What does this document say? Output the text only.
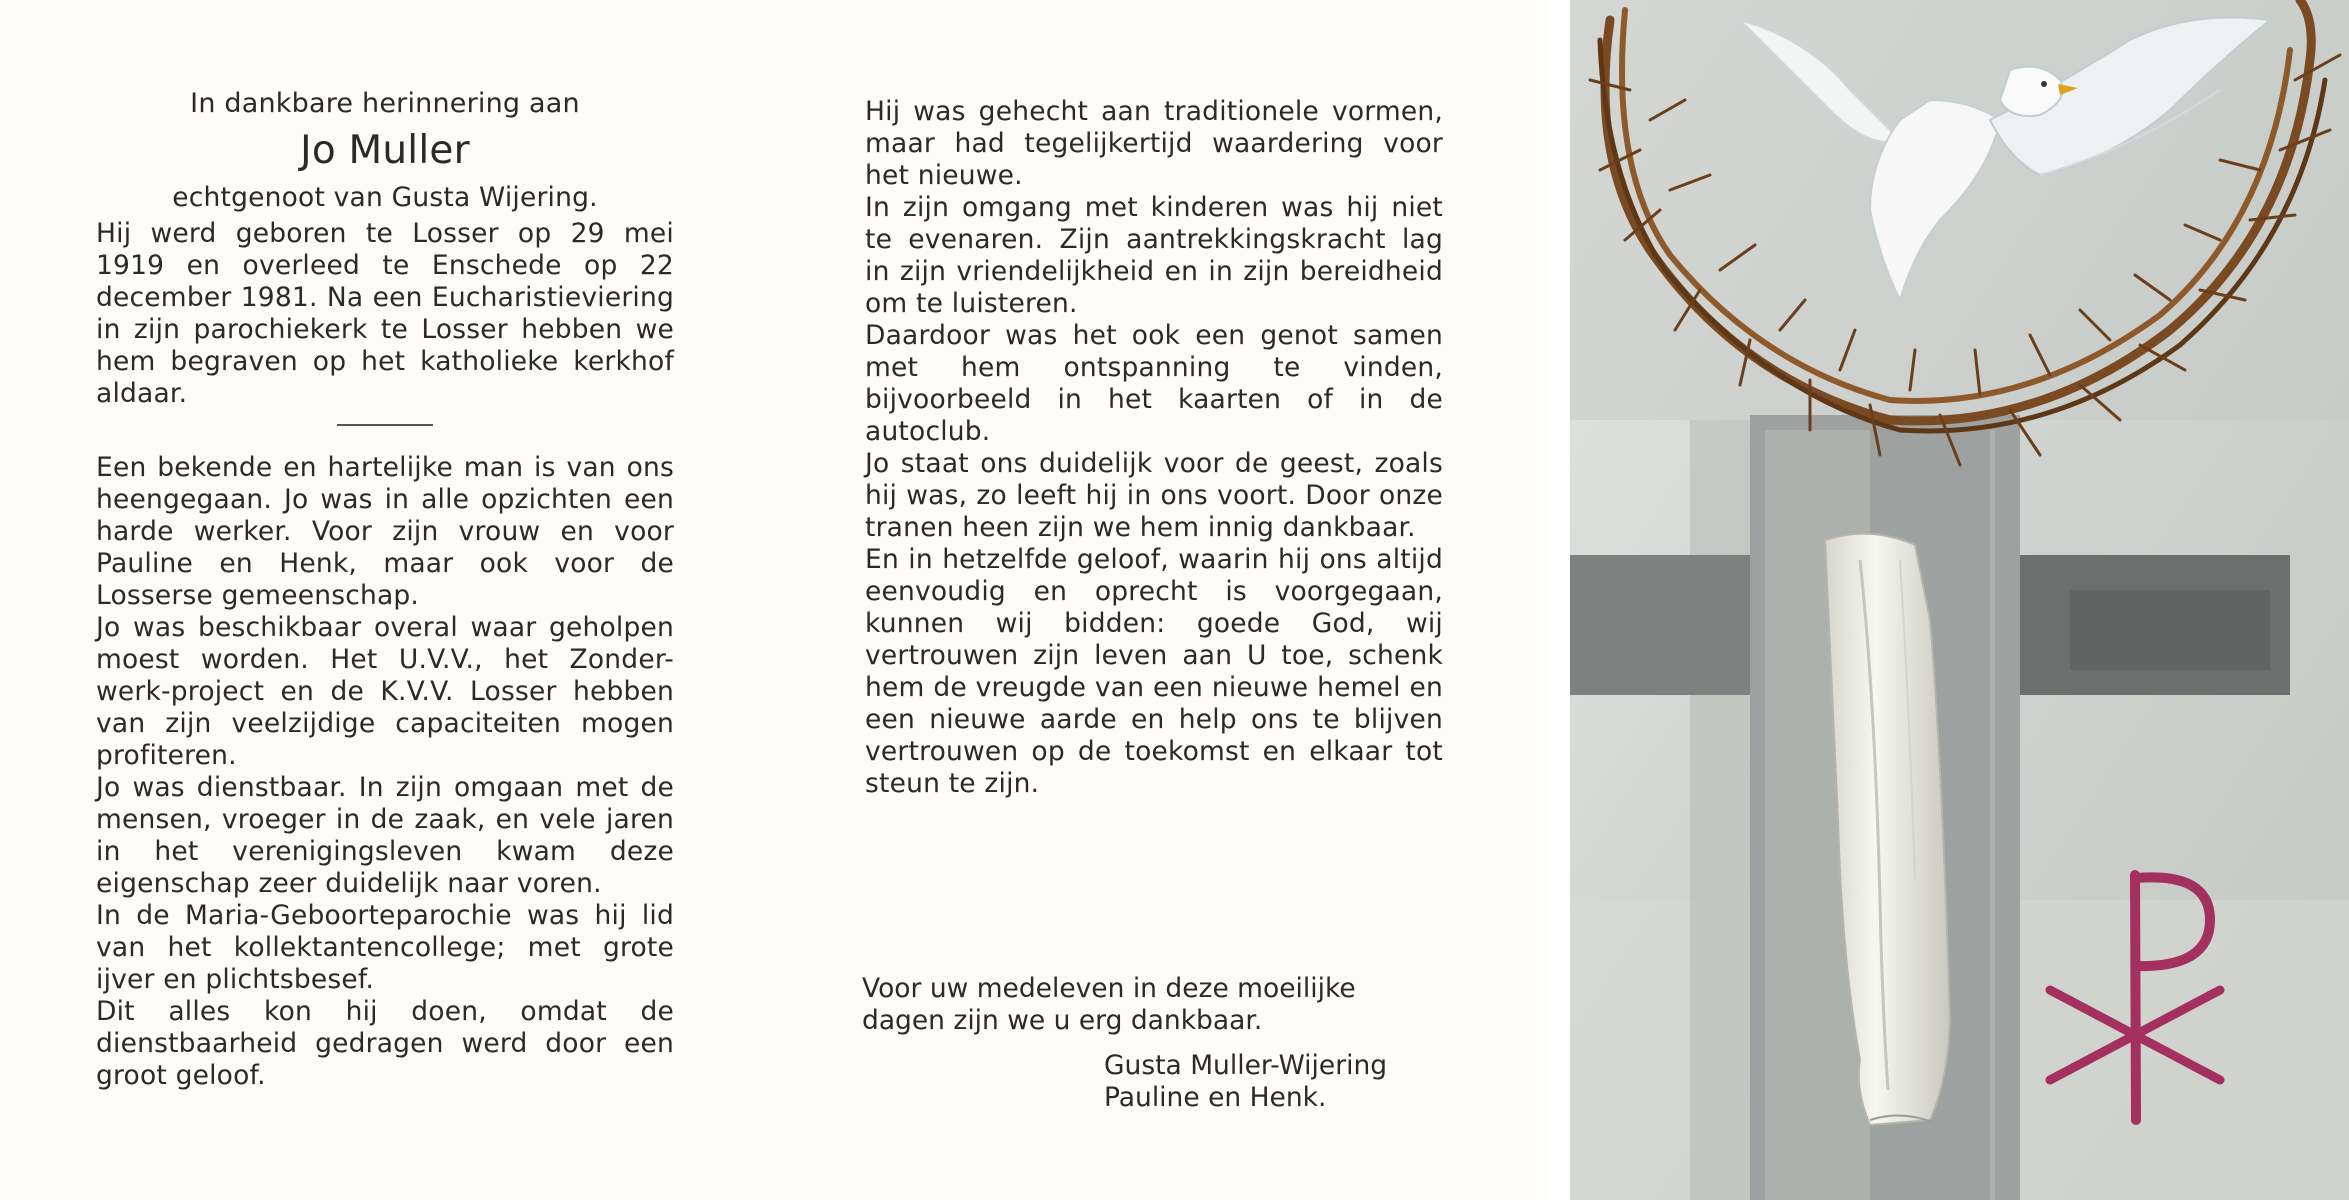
In dankbare herinnering aan

Jo Muller

echtgenoot van Gusta Wijering.

Hij werd geboren te Losser op 29 mei 1919 en overleed te Enschede op 22 december 1981. Na een Eucharistieviering in zijn parochiekerk te Losser hebben we hem begraven op het katholieke kerkhof aldaar.

Een bekende en hartelijke man is van ons heengegaan. Jo was in alle opzichten een harde werker. Voor zijn vrouw en voor Pauline en Henk, maar ook voor de Losserse gemeenschap.

Jo was beschikbaar overal waar geholpen moest worden. Het U.V.V., het Zonder-werk-project en de K.V.V. Losser hebben van zijn veelzijdige capaciteiten mogen profiteren.

Jo was dienstbaar. In zijn omgaan met de mensen, vroeger in de zaak, en vele jaren in het verenigingsleven kwam deze eigenschap zeer duidelijk naar voren.

In de Maria-Geboorteparochie was hij lid van het kollektantencollege; met grote ijver en plichtsbesef.

Dit alles kon hij doen, omdat de dienstbaarheid gedragen werd door een groot geloof.

Hij was gehecht aan traditionele vormen, maar had tegelijkertijd waardering voor het nieuwe.

In zijn omgang met kinderen was hij niet te evenaren. Zijn aantrekkingskracht lag in zijn vriendelijkheid en in zijn bereidheid om te luisteren.

Daardoor was het ook een genot samen met hem ontspanning te vinden, bijvoorbeeld in het kaarten of in de autoclub.

Jo staat ons duidelijk voor de geest, zoals hij was, zo leeft hij in ons voort. Door onze tranen heen zijn we hem innig dankbaar.

En in hetzelfde geloof, waarin hij ons altijd eenvoudig en oprecht is voorgegaan, kunnen wij bidden: goede God, wij vertrouwen zijn leven aan U toe, schenk hem de vreugde van een nieuwe hemel en een nieuwe aarde en help ons te blijven vertrouwen op de toekomst en elkaar tot steun te zijn.

Voor uw medeleven in deze moeilijke dagen zijn we u erg dankbaar.

Gusta Muller-Wijering

Pauline en Henk.
